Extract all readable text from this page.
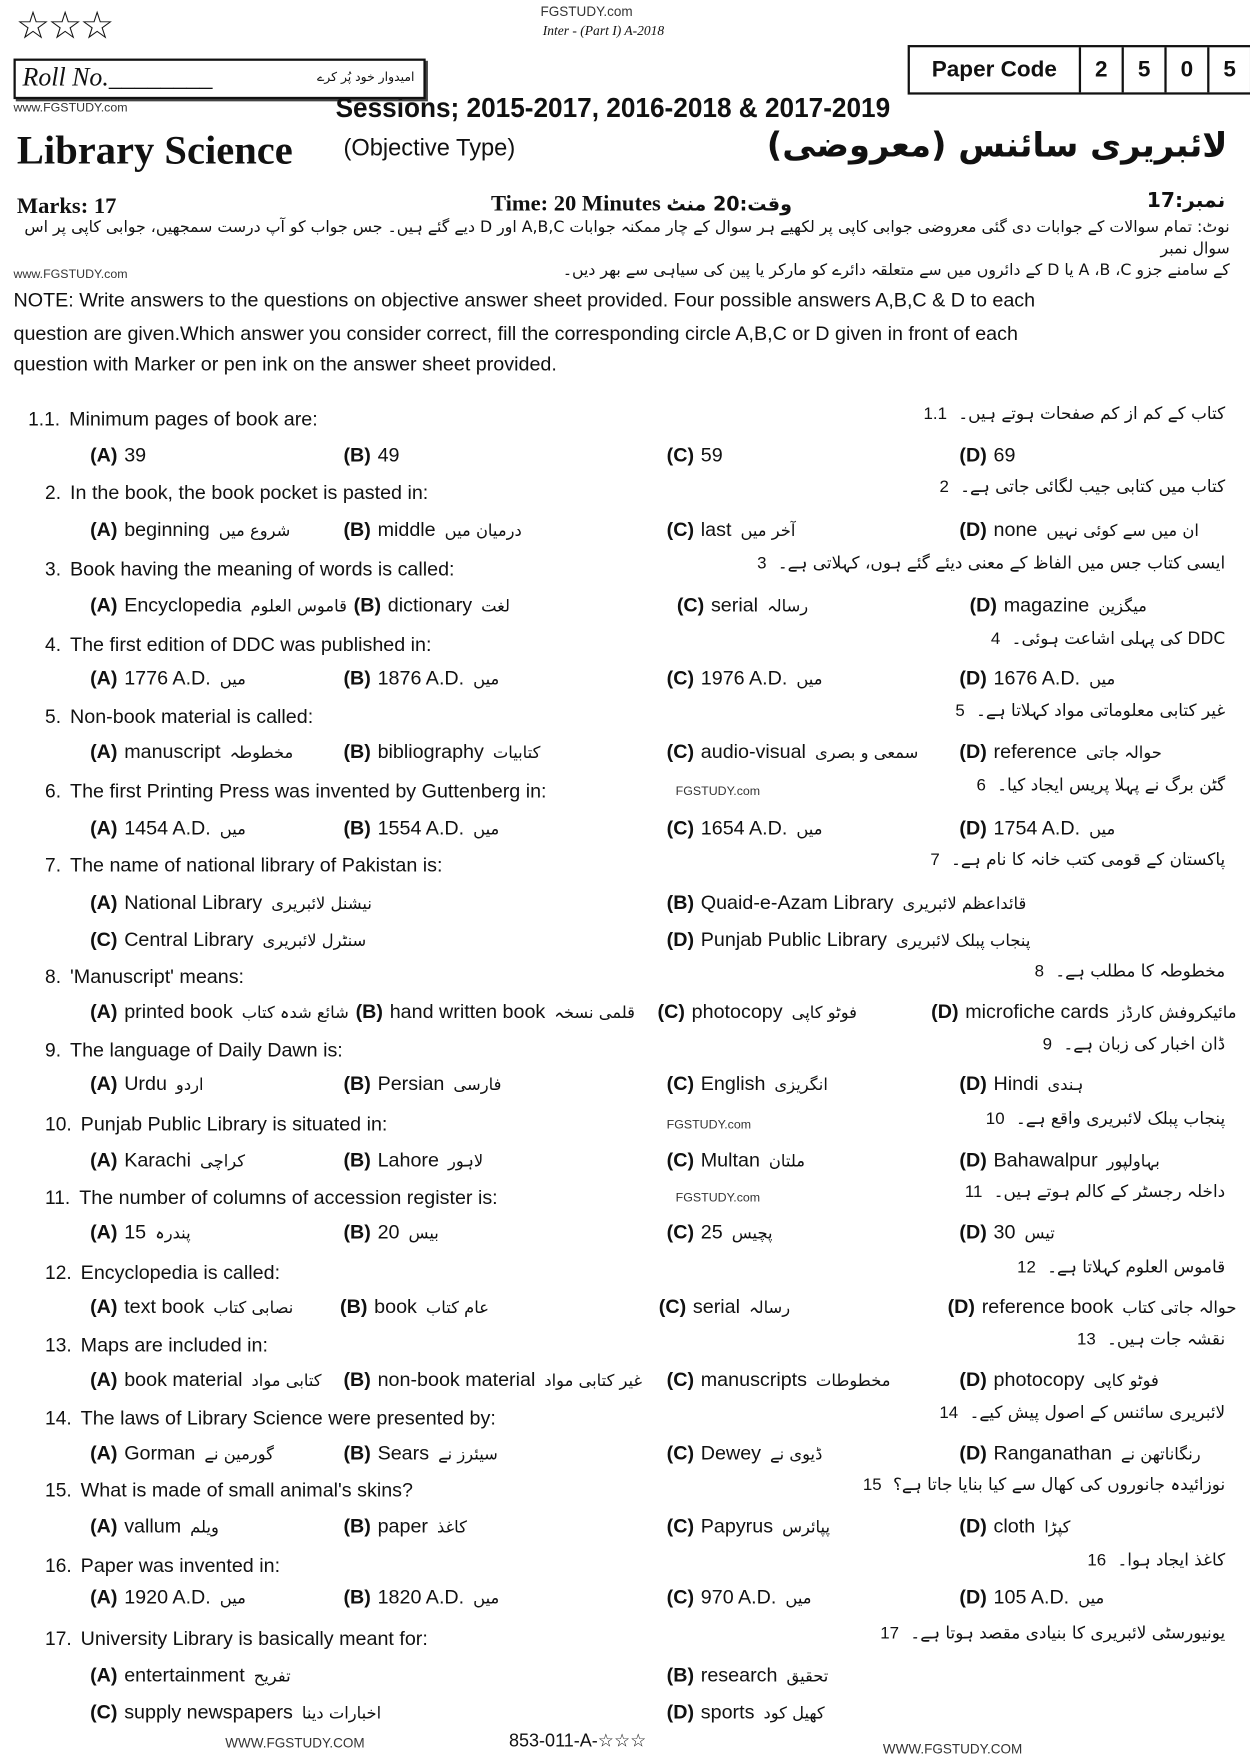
☆☆☆	FGSTUDY.com
Inter - (Part I) A-2018
Roll No.________	امیدوار خود پُر کرے	Paper Code	2	5	0	5
www.FGSTUDY.com	Sessions; 2015-2017, 2016-2018 & 2017-2019
Library Science (Objective Type)	لائبریری سائنس (معروضی)
Marks: 17	Time: 20 Minutes وقت:20 منٹ	نمبر:17
نوٹ: تمام سوالات کے جوابات دی گئی معروضی جوابی کاپی پر لکھیے ہر سوال کے چار ممکنہ جوابات A,B,C اور D دیے گئے ہیں۔ جس جواب کو آپ درست سمجھیں، جوابی کاپی پر اس سوال نمبر
کے سامنے جزو A ،B ،C یا D کے دائروں میں سے متعلقہ دائرے کو مارکر یا پین کی سیاہی سے بھر دیں۔
www.FGSTUDY.com
NOTE: Write answers to the questions on objective answer sheet provided. Four possible answers A,B,C & D to each
question are given.Which answer you consider correct, fill the corresponding circle A,B,C or D given in front of each
question with Marker or pen ink on the answer sheet provided.
1.1. Minimum pages of book are:	کتاب کے کم از کم صفحات ہوتے ہیں۔1.1
(A) 39	(B) 49	(C) 59	(D) 69
2. In the book, the book pocket is pasted in:	کتاب میں کتابی جیب لگائی جاتی ہے۔2
(A) beginning شروع میں	(B) middle درمیان میں	(C) last آخر میں	(D) none ان میں سے کوئی نہیں
3. Book having the meaning of words is called:	ایسی کتاب جس میں الفاظ کے معنی دیئے گئے ہوں، کہلاتی ہے۔3
(A) Encyclopedia قاموس العلوم (B) dictionary لغت	(C) serial رسالہ	(D) magazine میگزین
4. The first edition of DDC was published in:	DDC کی پہلی اشاعت ہوئی۔4
(A) 1776 A.D. میں	(B) 1876 A.D. میں	(C) 1976 A.D. میں	(D) 1676 A.D. میں
5. Non-book material is called:	غیر کتابی معلوماتی مواد کہلاتا ہے۔5
(A) manuscript مخطوطہ	(B) bibliography کتابیات	(C) audio-visual سمعی و بصری	(D) reference حوالہ جاتی
6. The first Printing Press was invented by Guttenberg in:	گٹن برگ نے پہلا پریس ایجاد کیا۔6
(A) 1454 A.D. میں	(B) 1554 A.D. میں	(C) 1654 A.D. میں	(D) 1754 A.D. میں
7. The name of national library of Pakistan is:	پاکستان کے قومی کتب خانہ کا نام ہے۔7
(A) National Library نیشنل لائبریری	(B) Quaid-e-Azam Library قائداعظم لائبریری
(C) Central Library سنٹرل لائبریری	(D) Punjab Public Library پنجاب پبلک لائبریری
8. 'Manuscript' means:	مخطوطہ کا مطلب ہے۔8
(A) printed book شائع شدہ کتاب (B) hand written book قلمی نسخہ	(C) photocopy فوٹو کاپی	(D) microfiche cards مائیکروفش کارڈز
9. The language of Daily Dawn is:	ڈان اخبار کی زبان ہے۔9
(A) Urdu اردو	(B) Persian فارسی	(C) English انگریزی	(D) Hindi ہندی
10. Punjab Public Library is situated in:	پنجاب پبلک لائبریری واقع ہے۔10
(A) Karachi کراچی	(B) Lahore لاہور	(C) Multan ملتان	(D) Bahawalpur بہاولپور
11. The number of columns of accession register is:	داخلہ رجسٹر کے کالم ہوتے ہیں۔11
(A) 15 پندرہ	(B) 20 بیس	(C) 25 پچیس	(D) 30 تیس
12. Encyclopedia is called:	قاموس العلوم کہلاتا ہے۔12
(A) text book نصابی کتاب	(B) book عام کتاب	(C) serial رسالہ	(D) reference book حوالہ جاتی کتاب
13. Maps are included in:	نقشہ جات ہیں۔13
(A) book material کتابی مواد	(B) non-book material غیر کتابی مواد	(C) manuscripts مخطوطات	(D) photocopy فوٹو کاپی
14. The laws of Library Science were presented by:	لائبریری سائنس کے اصول پیش کیے۔14
(A) Gorman گورمین نے	(B) Sears سیئرز نے	(C) Dewey ڈیوی نے	(D) Ranganathan رنگاناتھن نے
15. What is made of small animal's skins?	نوزائیدہ جانوروں کی کھال سے کیا بنایا جاتا ہے؟15
(A) vallum ویلم	(B) paper کاغذ	(C) Papyrus پپائرس	(D) cloth کپڑا
16. Paper was invented in:	کاغذ ایجاد ہوا۔16
(A) 1920 A.D. میں	(B) 1820 A.D. میں	(C) 970 A.D. میں	(D) 105 A.D. میں
17. University Library is basically meant for:	یونیورسٹی لائبریری کا بنیادی مقصد ہوتا ہے۔17
(A) entertainment تفریح	(B) research تحقیق
(C) supply newspapers اخبارات دینا	(D) sports کھیل کود
FGSTUDY.com
FGSTUDY.com
FGSTUDY.com
853-011-A-☆☆☆
WWW.FGSTUDY.COM	WWW.FGSTUDY.COM
